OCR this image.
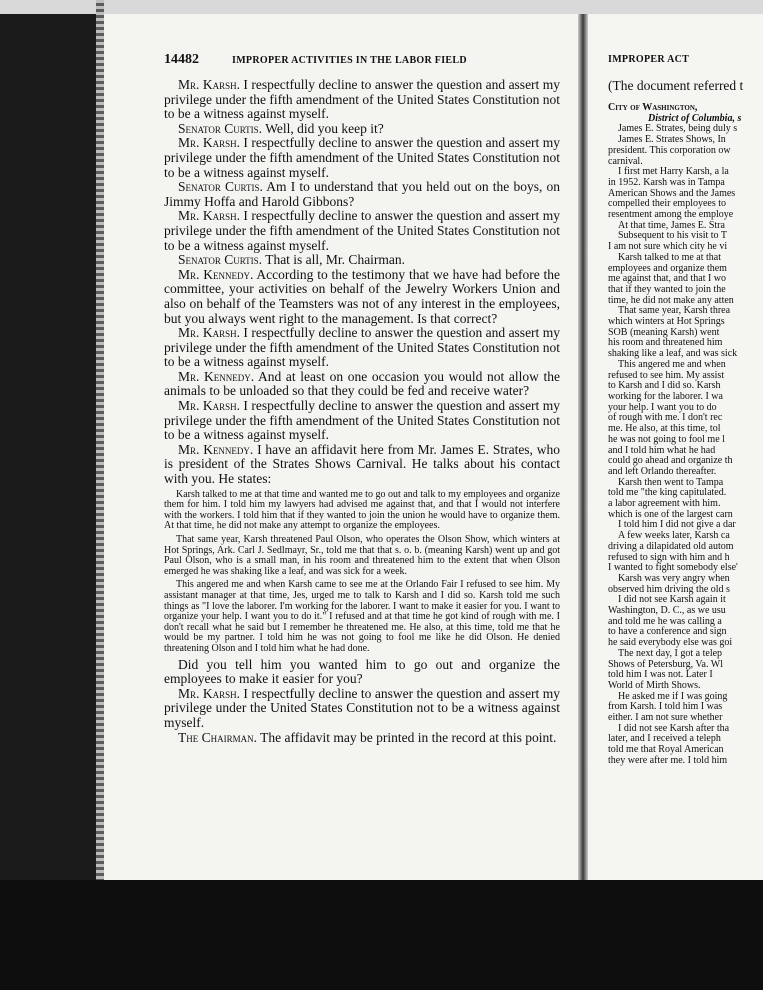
14482	IMPROPER ACTIVITIES IN THE LABOR FIELD

Mr. Karsh. I respectfully decline to answer the question and assert my privilege under the fifth amendment of the United States Constitution not to be a witness against myself.

Senator Curtis. Well, did you keep it?

Mr. Karsh. I respectfully decline to answer the question and assert my privilege under the fifth amendment of the United States Constitution not to be a witness against myself.

Senator Curtis. Am I to understand that you held out on the boys, on Jimmy Hoffa and Harold Gibbons?

Mr. Karsh. I respectfully decline to answer the question and assert my privilege under the fifth amendment of the United States Constitution not to be a witness against myself.

Senator Curtis. That is all, Mr. Chairman.

Mr. Kennedy. According to the testimony that we have had before the committee, your activities on behalf of the Jewelry Workers Union and also on behalf of the Teamsters was not of any interest in the employees, but you always went right to the management. Is that correct?

Mr. Karsh. I respectfully decline to answer the question and assert my privilege under the fifth amendment of the United States Constitution not to be a witness against myself.

Mr. Kennedy. And at least on one occasion you would not allow the animals to be unloaded so that they could be fed and receive water?

Mr. Karsh. I respectfully decline to answer the question and assert my privilege under the fifth amendment of the United States Constitution not to be a witness against myself.

Mr. Kennedy. I have an affidavit here from Mr. James E. Strates, who is president of the Strates Shows Carnival. He talks about his contact with you. He states:

Karsh talked to me at that time and wanted me to go out and talk to my employees and organize them for him. I told him my lawyers had advised me against that, and that I would not interfere with the workers. I told him that if they wanted to join the union he would have to organize them. At that time, he did not make any attempt to organize the employees.

That same year, Karsh threatened Paul Olson, who operates the Olson Show, which winters at Hot Springs, Ark. Carl J. Sedlmayr, Sr., told me that that s. o. b. (meaning Karsh) went up and got Paul Olson, who is a small man, in his room and threatened him to the extent that when Olson emerged he was shaking like a leaf, and was sick for a week.

This angered me and when Karsh came to see me at the Orlando Fair I refused to see him. My assistant manager at that time, Jes, urged me to talk to Karsh and I did so. Karsh told me such things as "I love the laborer. I'm working for the laborer. I want to make it easier for you. I want to organize your help. I want you to do it." I refused and at that time he got kind of rough with me. I don't recall what he said but I remember he threatened me. He also, at this time, told me that he would be my partner. I told him he was not going to fool me like he did Olson. He denied threatening Olson and I told him what he had done.

Did you tell him you wanted him to go out and organize the employees to make it easier for you?

Mr. Karsh. I respectfully decline to answer the question and assert my privilege under the United States Constitution not to be a witness against myself.

The Chairman. The affidavit may be printed in the record at this point.

IMPROPER ACT

(The document referred t

City of Washington,

District of Columbia, s

James E. Strates, being duly s

James E. Strates Shows, In

president. This corporation ow

carnival.

I first met Harry Karsh, a la

in 1952. Karsh was in Tampa

American Shows and the James

compelled their employees to

resentment among the employe

At that time, James E. Stra

Subsequent to his visit to T

I am not sure which city he vi

Karsh talked to me at that

employees and organize them

me against that, and that I wo

that if they wanted to join the

time, he did not make any atten

That same year, Karsh threa

which winters at Hot Springs

SOB (meaning Karsh) went

his room and threatened him

shaking like a leaf, and was sick

This angered me and when

refused to see him. My assist

to Karsh and I did so. Karsh

working for the laborer. I wa

your help. I want you to do

of rough with me. I don't rec

me. He also, at this time, tol

he was not going to fool me l

and I told him what he had

could go ahead and organize th

and left Orlando thereafter.

Karsh then went to Tampa

told me "the king capitulated.

a labor agreement with him.

which is one of the largest carn

I told him I did not give a dar

A few weeks later, Karsh ca

driving a dilapidated old autom

refused to sign with him and h

I wanted to fight somebody else'

Karsh was very angry when

observed him driving the old s

I did not see Karsh again it

Washington, D. C., as we usu

and told me he was calling a

to have a conference and sign

he said everybody else was goi

The next day, I got a telep

Shows of Petersburg, Va. Wl

told him I was not. Later I

World of Mirth Shows.

He asked me if I was going

from Karsh. I told him I was

either. I am not sure whether

I did not see Karsh after tha

later, and I received a teleph

told me that Royal American

they were after me. I told him
